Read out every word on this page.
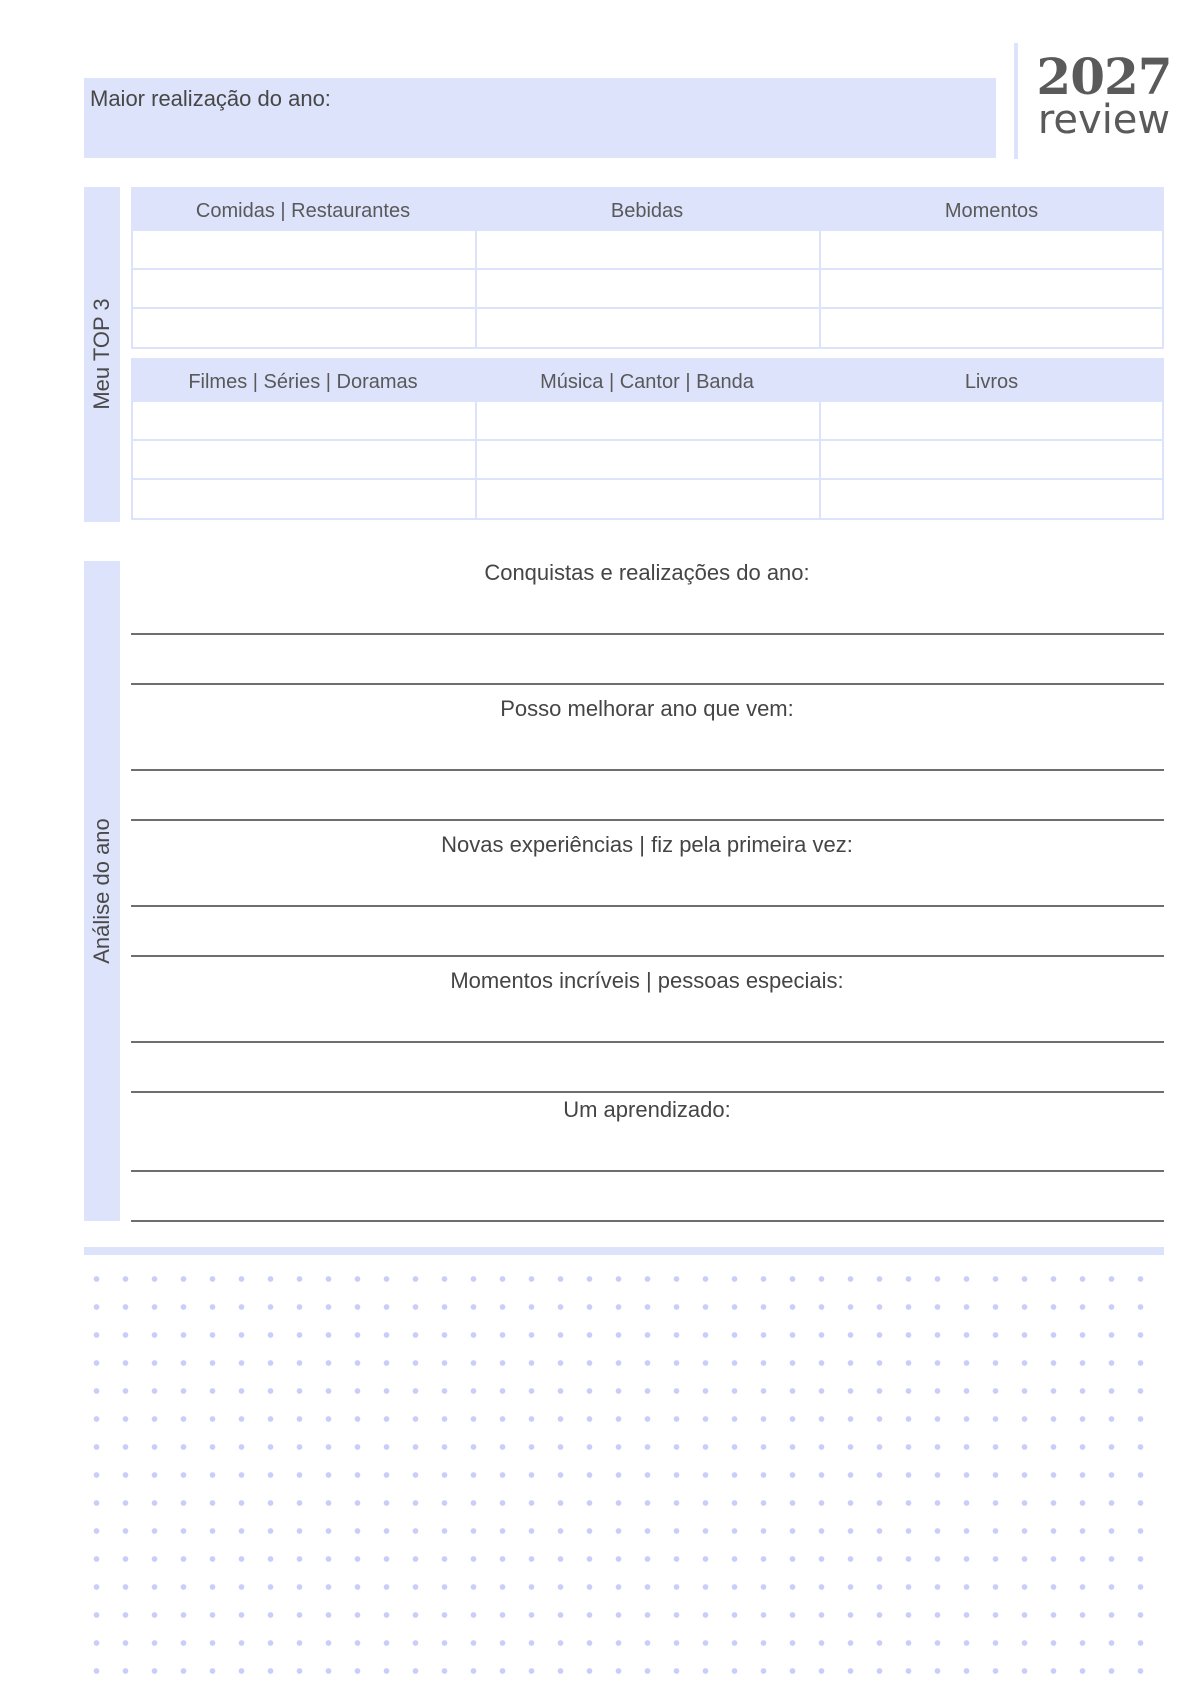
Maior realização do ano:	2027
review
Meu TOP 3
Comidas | Restaurantes	Bebidas	Momentos
Filmes | Séries | Doramas	Música | Cantor | Banda	Livros
Análise do ano
Conquistas e realizações do ano:
Posso melhorar ano que vem:
Novas experiências | fiz pela primeira vez:
Momentos incríveis | pessoas especiais:
Um aprendizado:
